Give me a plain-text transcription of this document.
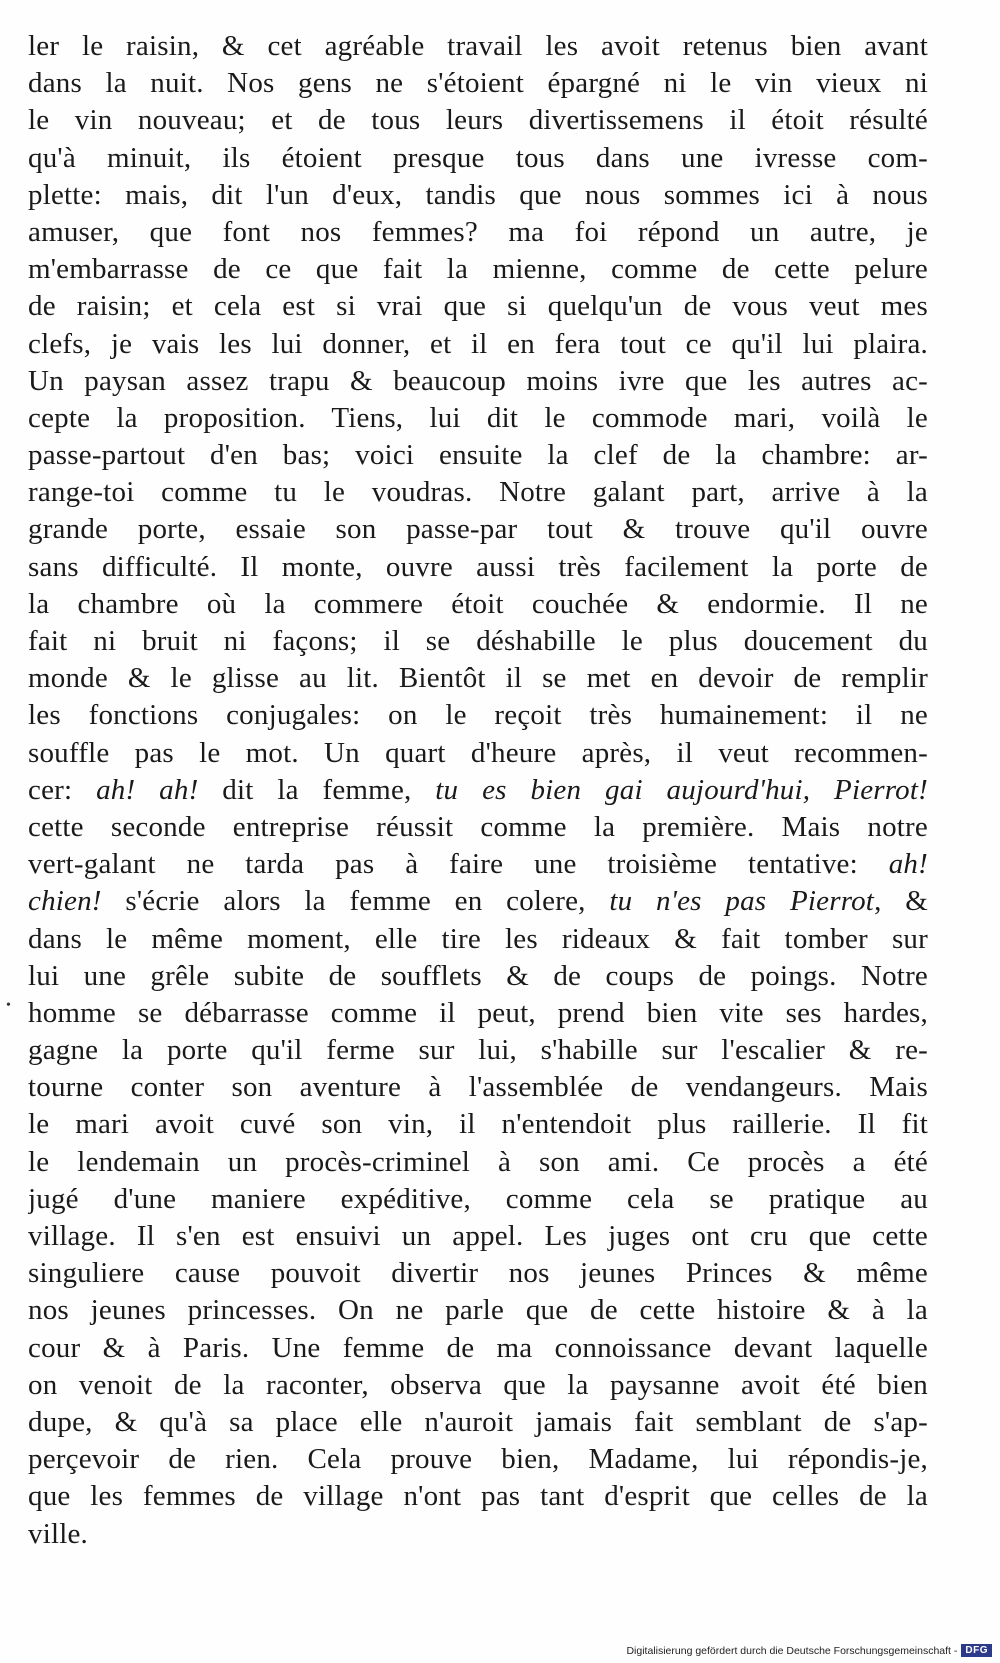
ler le raisin, & cet agréable travail les avoit retenus bien avant
dans la nuit. Nos gens ne s'étoient épargné ni le vin vieux ni
le vin nouveau; et de tous leurs divertissemens il étoit résulté
qu'à minuit, ils étoient presque tous dans une ivresse com-
plette: mais, dit l'un d'eux, tandis que nous sommes ici à nous
amuser, que font nos femmes? ma foi répond un autre, je
m'embarrasse de ce que fait la mienne, comme de cette pelure
de raisin; et cela est si vrai que si quelqu'un de vous veut mes
clefs, je vais les lui donner, et il en fera tout ce qu'il lui plaira.
Un paysan assez trapu & beaucoup moins ivre que les autres ac-
cepte la proposition. Tiens, lui dit le commode mari, voilà le
passe-partout d'en bas; voici ensuite la clef de la chambre: ar-
range-toi comme tu le voudras. Notre galant part, arrive à la
grande porte, essaie son passe-par tout & trouve qu'il ouvre
sans difficulté. Il monte, ouvre aussi très facilement la porte de
la chambre où la commere étoit couchée & endormie. Il ne
fait ni bruit ni façons; il se déshabille le plus doucement du
monde & le glisse au lit. Bientôt il se met en devoir de remplir
les fonctions conjugales: on le reçoit très humainement: il ne
souffle pas le mot. Un quart d'heure après, il veut recommen-
cer: ah! ah! dit la femme, tu es bien gai aujourd'hui, Pierrot!
cette seconde entreprise réussit comme la première. Mais notre
vert-galant ne tarda pas à faire une troisième tentative: ah!
chien! s'écrie alors la femme en colere, tu n'es pas Pierrot, &
dans le même moment, elle tire les rideaux & fait tomber sur
lui une grêle subite de soufflets & de coups de poings. Notre
homme se débarrasse comme il peut, prend bien vite ses hardes,
gagne la porte qu'il ferme sur lui, s'habille sur l'escalier & re-
tourne conter son aventure à l'assemblée de vendangeurs. Mais
le mari avoit cuvé son vin, il n'entendoit plus raillerie. Il fit
le lendemain un procès-criminel à son ami. Ce procès a été
jugé d'une maniere expéditive, comme cela se pratique au
village. Il s'en est ensuivi un appel. Les juges ont cru que cette
singuliere cause pouvoit divertir nos jeunes Princes & même
nos jeunes princesses. On ne parle que de cette histoire & à la
cour & à Paris. Une femme de ma connoissance devant laquelle
on venoit de la raconter, observa que la paysanne avoit été bien
dupe, & qu'à sa place elle n'auroit jamais fait semblant de s'ap-
perçevoir de rien. Cela prouve bien, Madame, lui répondis-je,
que les femmes de village n'ont pas tant d'esprit que celles de la
ville.
•
Digitalisierung gefördert durch die Deutsche Forschungsgemeinschaft - DFG
